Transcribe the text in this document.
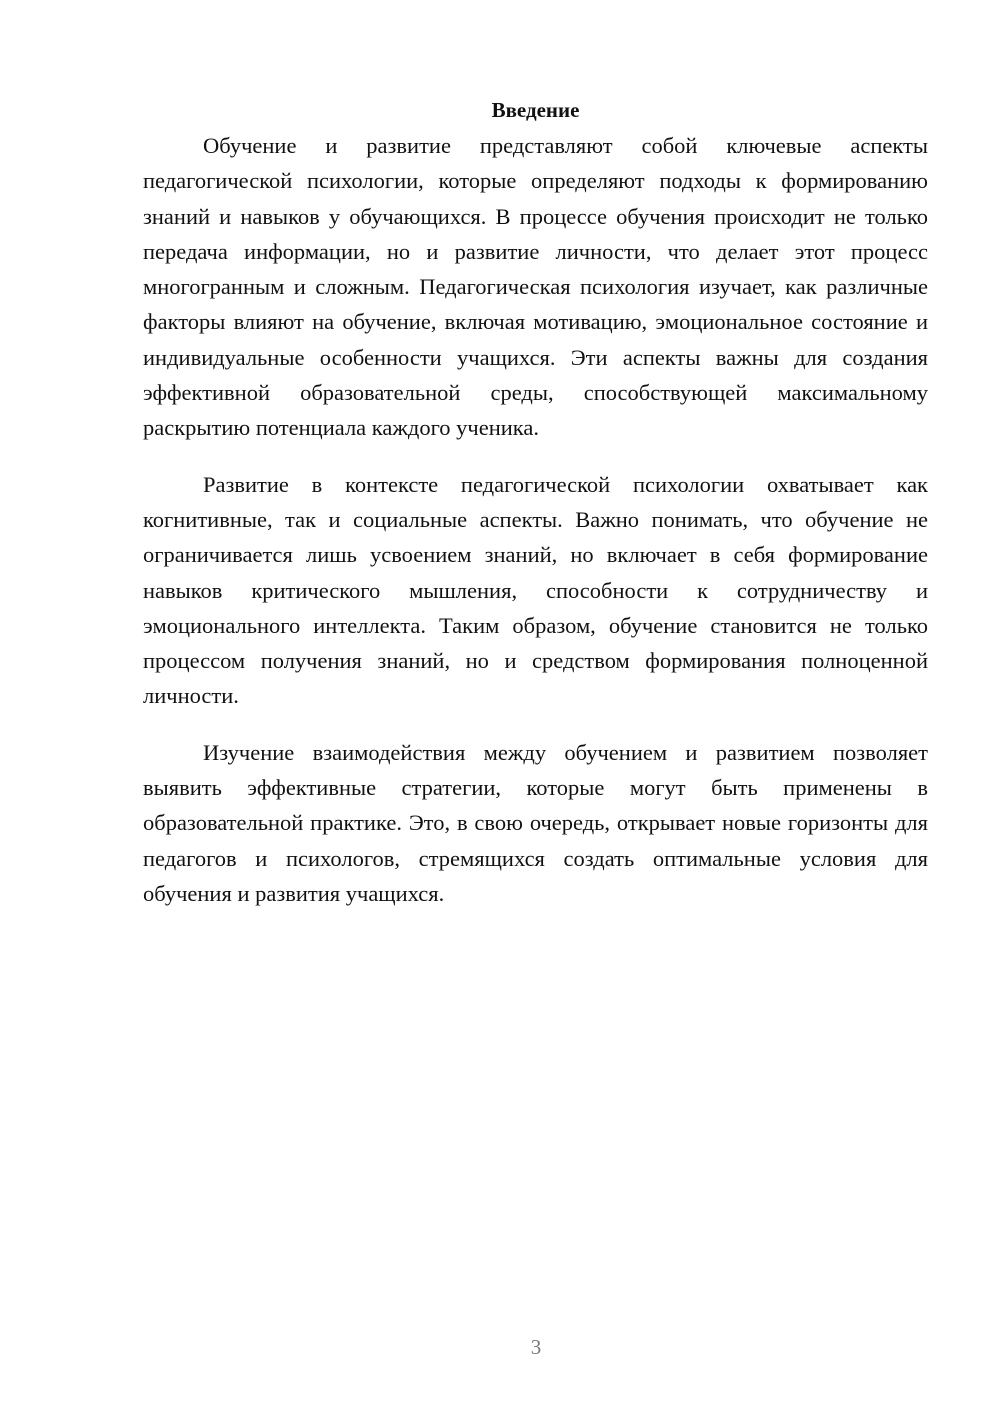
Введение

Обучение и развитие представляют собой ключевые аспекты педагогической психологии, которые определяют подходы к формированию знаний и навыков у обучающихся. В процессе обучения происходит не только передача информации, но и развитие личности, что делает этот процесс многогранным и сложным. Педагогическая психология изучает, как различные факторы влияют на обучение, включая мотивацию, эмоциональное состояние и индивидуальные особенности учащихся. Эти аспекты важны для создания эффективной образовательной среды, способствующей максимальному раскрытию потенциала каждого ученика.

Развитие в контексте педагогической психологии охватывает как когнитивные, так и социальные аспекты. Важно понимать, что обучение не ограничивается лишь усвоением знаний, но включает в себя формирование навыков критического мышления, способности к сотрудничеству и эмоционального интеллекта. Таким образом, обучение становится не только процессом получения знаний, но и средством формирования полноценной личности.

Изучение взаимодействия между обучением и развитием позволяет выявить эффективные стратегии, которые могут быть применены в образовательной практике. Это, в свою очередь, открывает новые горизонты для педагогов и психологов, стремящихся создать оптимальные условия для обучения и развития учащихся.

3
